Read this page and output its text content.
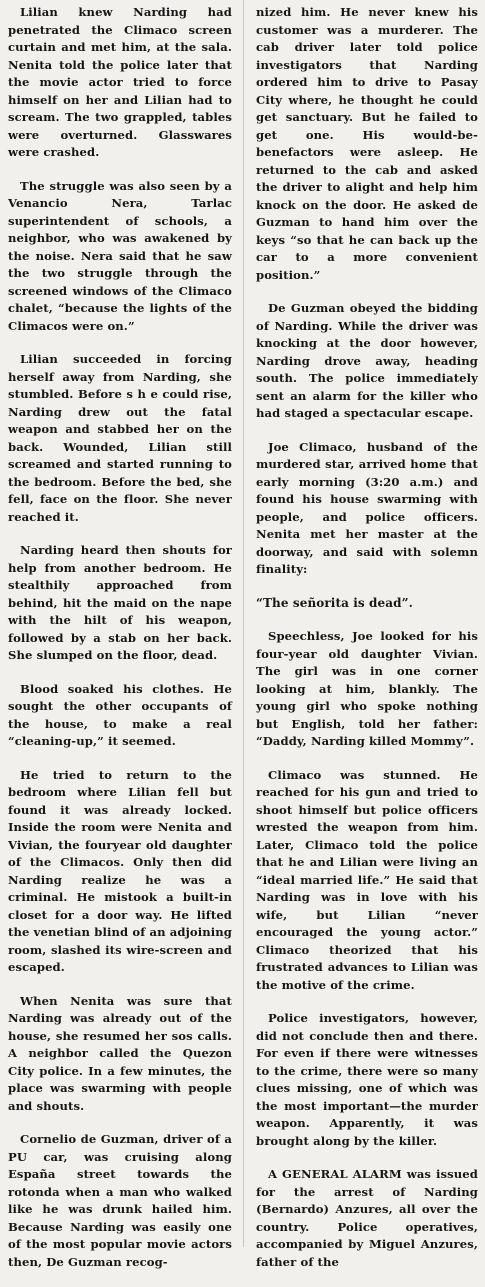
Lilian knew Narding had penetrated the Climaco screen curtain and met him, at the sala. Nenita told the police later that the movie actor tried to force himself on her and Lilian had to scream. The two grappled, tables were overturned. Glasswares were crashed.

The struggle was also seen by a Venancio Nera, Tarlac superintendent of schools, a neighbor, who was awakened by the noise. Nera said that he saw the two struggle through the screened windows of the Climaco chalet, “because the lights of the Climacos were on.”

Lilian succeeded in forcing herself away from Narding, she stumbled. Before s h e could rise, Narding drew out the fatal weapon and stabbed her on the back. Wounded, Lilian still screamed and started running to the bedroom. Before the bed, she fell, face on the floor. She never reached it.

Narding heard then shouts for help from another bedroom. He stealthily approached from behind, hit the maid on the nape with the hilt of his weapon, followed by a stab on her back. She slumped on the floor, dead.

Blood soaked his clothes. He sought the other occupants of the house, to make a real “cleaning-up,” it seemed.

He tried to return to the bedroom where Lilian fell but found it was already locked. Inside the room were Nenita and Vivian, the fouryear old daughter of the Climacos. Only then did Narding realize he was a criminal. He mistook a built-in closet for a door way. He lifted the venetian blind of an adjoining room, slashed its wire-screen and escaped.

When Nenita was sure that Narding was already out of the house, she resumed her sos calls. A neighbor called the Quezon City police. In a few minutes, the place was swarming with people and shouts.

Cornelio de Guzman, driver of a PU car, was cruising along España street towards the rotonda when a man who walked like he was drunk hailed him. Because Narding was easily one of the most popular movie actors then, De Guzman recog-

nized him. He never knew his customer was a murderer. The cab driver later told police investigators that Narding ordered him to drive to Pasay City where, he thought he could get sanctuary. But he failed to get one. His would-be-benefactors were asleep. He returned to the cab and asked the driver to alight and help him knock on the door. He asked de Guzman to hand him over the keys “so that he can back up the car to a more convenient position.”

De Guzman obeyed the bidding of Narding. While the driver was knocking at the door however, Narding drove away, heading south. The police immediately sent an alarm for the killer who had staged a spectacular escape.

Joe Climaco, husband of the murdered star, arrived home that early morning (3:20 a.m.) and found his house swarming with people, and police officers. Nenita met her master at the doorway, and said with solemn finality:

“The señorita is dead”.

Speechless, Joe looked for his four-year old daughter Vivian. The girl was in one corner looking at him, blankly. The young girl who spoke nothing but English, told her father: “Daddy, Narding killed Mommy”.

Climaco was stunned. He reached for his gun and tried to shoot himself but police officers wrested the weapon from him. Later, Climaco told the police that he and Lilian were living an “ideal married life.” He said that Narding was in love with his wife, but Lilian “never encouraged the young actor.” Climaco theorized that his frustrated advances to Lilian was the motive of the crime.

Police investigators, however, did not conclude then and there. For even if there were witnesses to the crime, there were so many clues missing, one of which was the most important—the murder weapon. Apparently, it was brought along by the killer.

A GENERAL ALARM was issued for the arrest of Narding (Bernardo) Anzures, all over the country. Police operatives, accompanied by Miguel Anzures, father of the
